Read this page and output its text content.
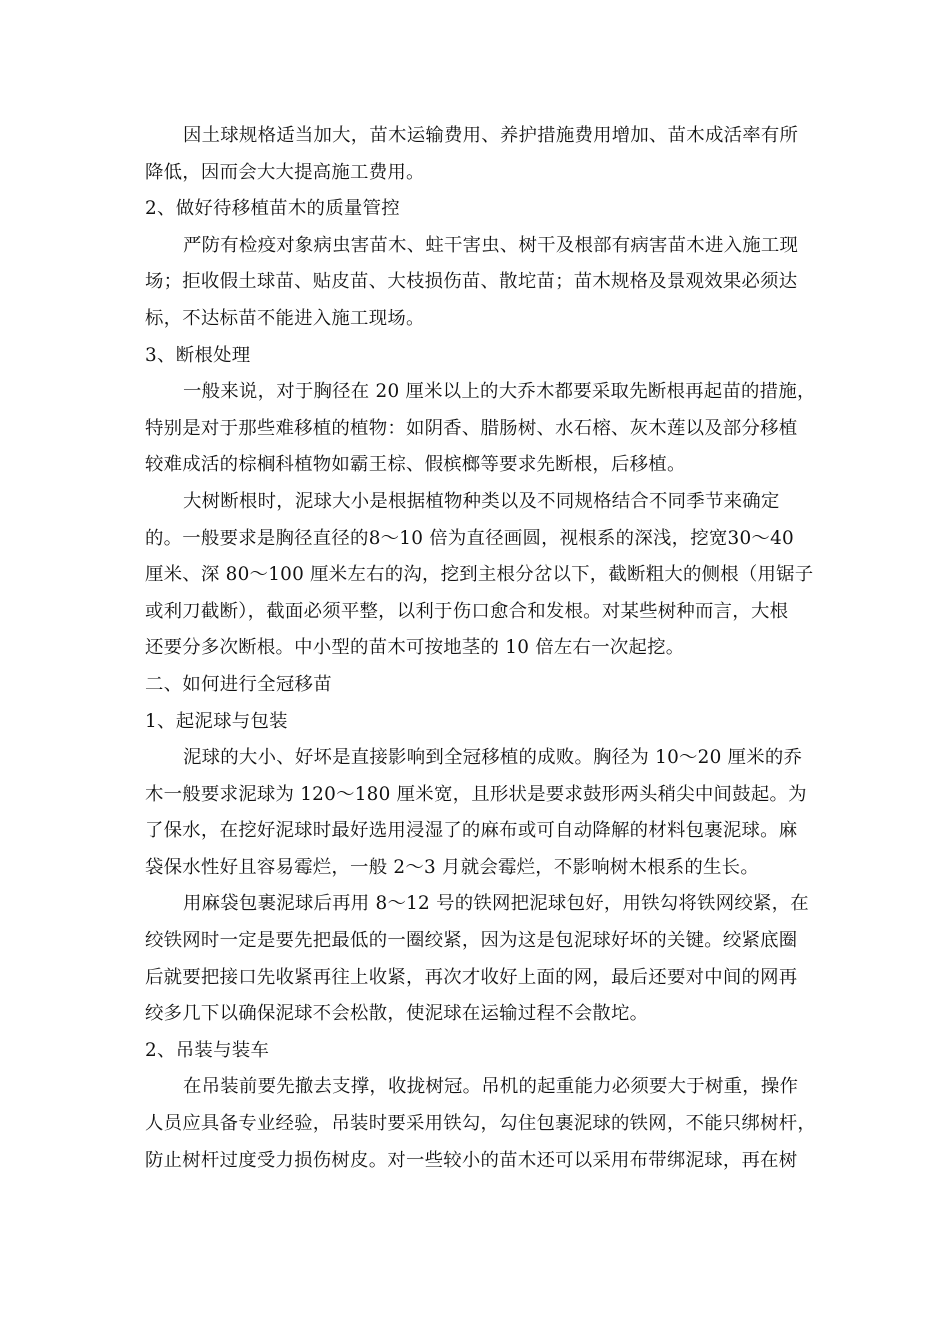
因土球规格适当加大，苗木运输费用、养护措施费用增加、苗木成活率有所
降低，因而会大大提高施工费用。
2、做好待移植苗木的质量管控
严防有检疫对象病虫害苗木、蛀干害虫、树干及根部有病害苗木进入施工现
场；拒收假土球苗、贴皮苗、大枝损伤苗、散坨苗；苗木规格及景观效果必须达
标，不达标苗不能进入施工现场。
3、断根处理
一般来说，对于胸径在 20 厘米以上的大乔木都要采取先断根再起苗的措施，
特别是对于那些难移植的植物：如阴香、腊肠树、水石榕、灰木莲以及部分移植
较难成活的棕榈科植物如霸王棕、假槟榔等要求先断根，后移植。
大树断根时，泥球大小是根据植物种类以及不同规格结合不同季节来确定
的。一般要求是胸径直径的8～10 倍为直径画圆，视根系的深浅，挖宽30～40
厘米、深 80～100 厘米左右的沟，挖到主根分岔以下，截断粗大的侧根（用锯子
或利刀截断），截面必须平整，以利于伤口愈合和发根。对某些树种而言，大根
还要分多次断根。中小型的苗木可按地茎的 10 倍左右一次起挖。
二、如何进行全冠移苗
1、起泥球与包装
泥球的大小、好坏是直接影响到全冠移植的成败。胸径为 10～20 厘米的乔
木一般要求泥球为 120～180 厘米宽，且形状是要求鼓形两头稍尖中间鼓起。为
了保水，在挖好泥球时最好选用浸湿了的麻布或可自动降解的材料包裹泥球。麻
袋保水性好且容易霉烂，一般 2～3 月就会霉烂，不影响树木根系的生长。
用麻袋包裹泥球后再用 8～12 号的铁网把泥球包好，用铁勾将铁网绞紧，在
绞铁网时一定是要先把最低的一圈绞紧，因为这是包泥球好坏的关键。绞紧底圈
后就要把接口先收紧再往上收紧，再次才收好上面的网，最后还要对中间的网再
绞多几下以确保泥球不会松散，使泥球在运输过程不会散坨。
2、吊装与装车
在吊装前要先撤去支撑，收拢树冠。吊机的起重能力必须要大于树重，操作
人员应具备专业经验，吊装时要采用铁勾，勾住包裹泥球的铁网，不能只绑树杆，
防止树杆过度受力损伤树皮。对一些较小的苗木还可以采用布带绑泥球，再在树
